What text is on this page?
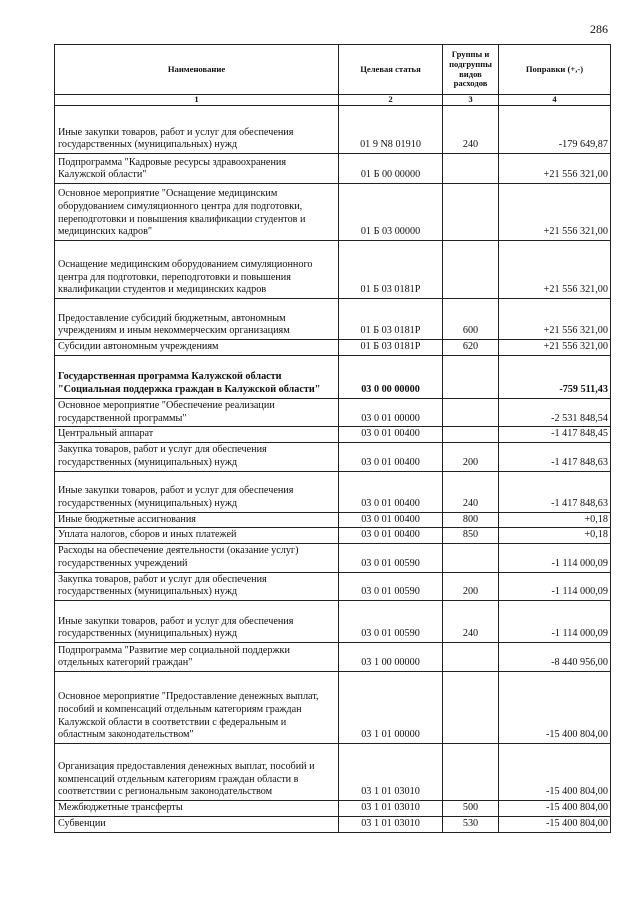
286
Наименование	Целевая статья	Группы и подгруппы видов расходов	Поправки (+,-)
1	2	3	4
Иные закупки товаров, работ и услуг для обеспечения государственных (муниципальных) нужд	01 9 N8 01910	240	-179 649,87
Подпрограмма "Кадровые ресурсы здравоохранения Калужской области"	01 Б 00 00000		+21 556 321,00
Основное мероприятие "Оснащение медицинским оборудованием симуляционного центра для подготовки, переподготовки и повышения квалификации студентов и медицинских кадров"	01 Б 03 00000		+21 556 321,00
Оснащение медицинским оборудованием симуляционного центра для подготовки, переподготовки и повышения квалификации студентов и медицинских кадров	01 Б 03 0181Р		+21 556 321,00
Предоставление субсидий бюджетным, автономным учреждениям и иным некоммерческим организациям	01 Б 03 0181Р	600	+21 556 321,00
Субсидии автономным учреждениям	01 Б 03 0181Р	620	+21 556 321,00
Государственная программа Калужской области "Социальная поддержка граждан в Калужской области"	03 0 00 00000		-759 511,43
Основное мероприятие "Обеспечение реализации государственной программы"	03 0 01 00000		-2 531 848,54
Центральный аппарат	03 0 01 00400		-1 417 848,45
Закупка товаров, работ и услуг для обеспечения государственных (муниципальных) нужд	03 0 01 00400	200	-1 417 848,63
Иные закупки товаров, работ и услуг для обеспечения государственных (муниципальных) нужд	03 0 01 00400	240	-1 417 848,63
Иные бюджетные ассигнования	03 0 01 00400	800	+0,18
Уплата налогов, сборов и иных платежей	03 0 01 00400	850	+0,18
Расходы на обеспечение деятельности (оказание услуг) государственных учреждений	03 0 01 00590		-1 114 000,09
Закупка товаров, работ и услуг для обеспечения государственных (муниципальных) нужд	03 0 01 00590	200	-1 114 000,09
Иные закупки товаров, работ и услуг для обеспечения государственных (муниципальных) нужд	03 0 01 00590	240	-1 114 000,09
Подпрограмма "Развитие мер социальной поддержки отдельных категорий граждан"	03 1 00 00000		-8 440 956,00
Основное мероприятие "Предоставление денежных выплат, пособий и компенсаций отдельным категориям граждан Калужской области в соответствии с федеральным и областным законодательством"	03 1 01 00000		-15 400 804,00
Организация предоставления денежных выплат, пособий и компенсаций отдельным категориям граждан области в соответствии с региональным законодательством	03 1 01 03010		-15 400 804,00
Межбюджетные трансферты	03 1 01 03010	500	-15 400 804,00
Субвенции	03 1 01 03010	530	-15 400 804,00
